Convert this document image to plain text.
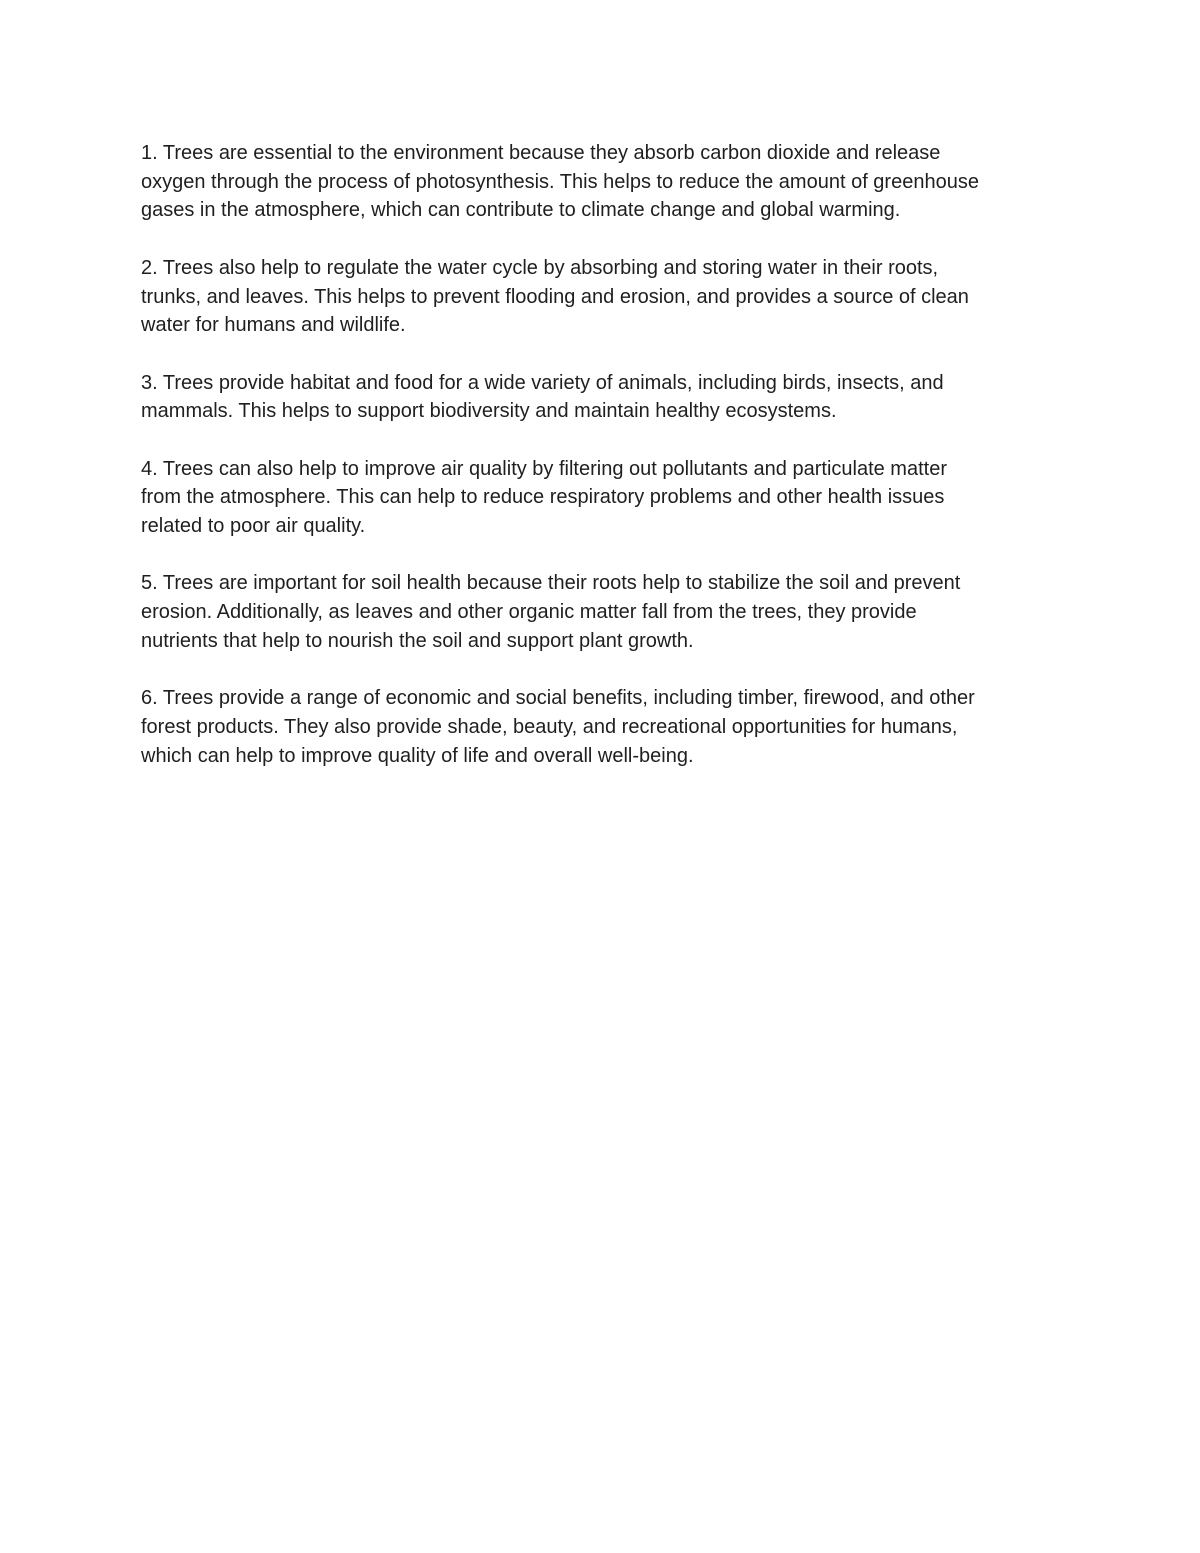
1. Trees are essential to the environment because they absorb carbon dioxide and release
oxygen through the process of photosynthesis. This helps to reduce the amount of greenhouse
gases in the atmosphere, which can contribute to climate change and global warming.

2. Trees also help to regulate the water cycle by absorbing and storing water in their roots,
trunks, and leaves. This helps to prevent flooding and erosion, and provides a source of clean
water for humans and wildlife.

3. Trees provide habitat and food for a wide variety of animals, including birds, insects, and
mammals. This helps to support biodiversity and maintain healthy ecosystems.

4. Trees can also help to improve air quality by filtering out pollutants and particulate matter
from the atmosphere. This can help to reduce respiratory problems and other health issues
related to poor air quality.

5. Trees are important for soil health because their roots help to stabilize the soil and prevent
erosion. Additionally, as leaves and other organic matter fall from the trees, they provide
nutrients that help to nourish the soil and support plant growth.

6. Trees provide a range of economic and social benefits, including timber, firewood, and other
forest products. They also provide shade, beauty, and recreational opportunities for humans,
which can help to improve quality of life and overall well-being.
